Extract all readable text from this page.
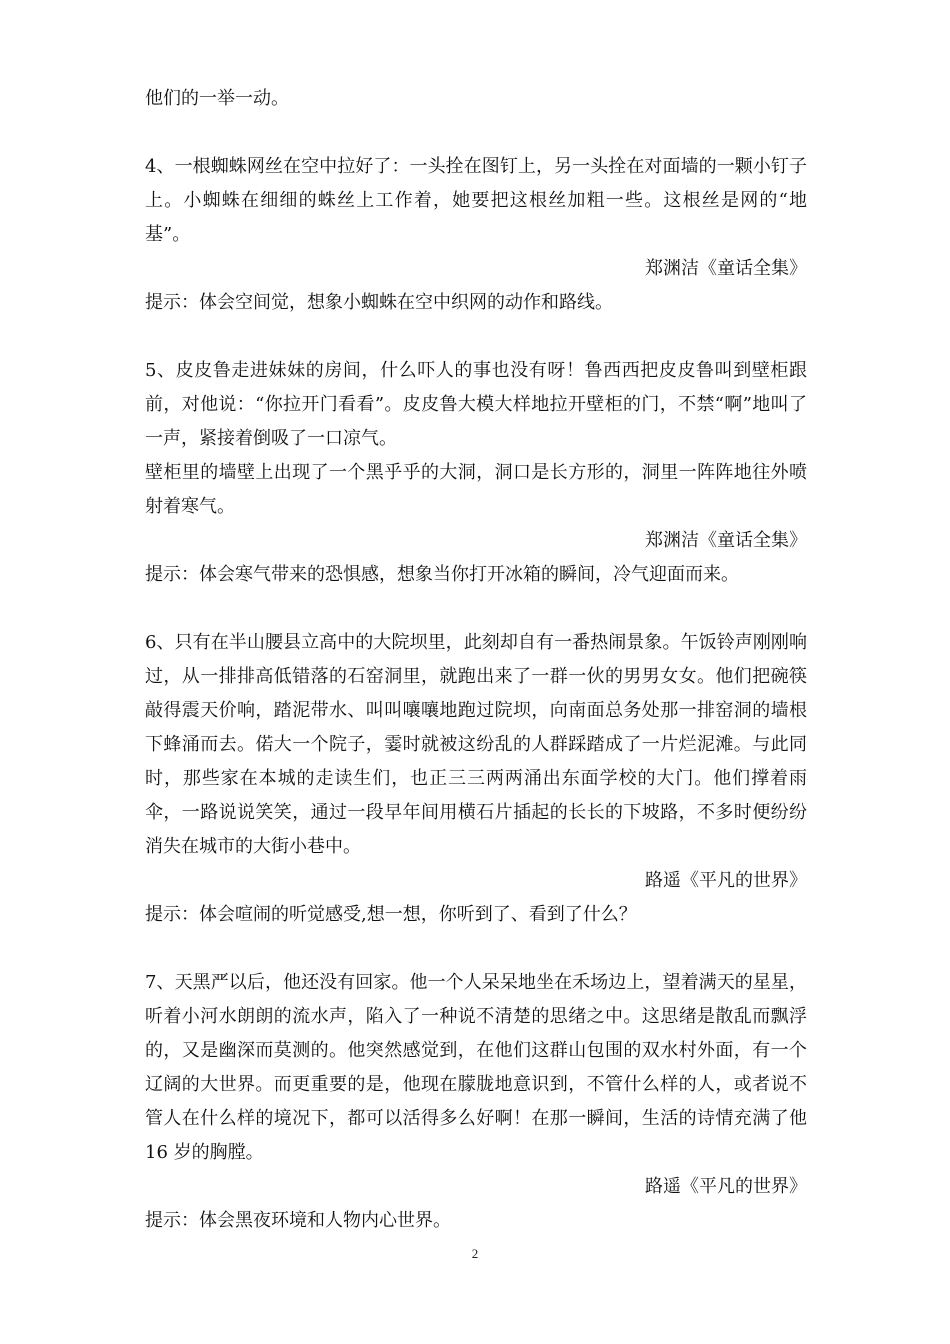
他们的一举一动。

4、一根蜘蛛网丝在空中拉好了：一头拴在图钉上，另一头拴在对面墙的一颗小钉子上。小蜘蛛在细细的蛛丝上工作着，她要把这根丝加粗一些。这根丝是网的“地基”。

郑渊洁《童话全集》

提示：体会空间觉，想象小蜘蛛在空中织网的动作和路线。

5、皮皮鲁走进妹妹的房间，什么吓人的事也没有呀！鲁西西把皮皮鲁叫到壁柜跟前，对他说：“你拉开门看看”。皮皮鲁大模大样地拉开壁柜的门，不禁“啊”地叫了一声，紧接着倒吸了一口凉气。

壁柜里的墙壁上出现了一个黑乎乎的大洞，洞口是长方形的，洞里一阵阵地往外喷射着寒气。

郑渊洁《童话全集》

提示：体会寒气带来的恐惧感，想象当你打开冰箱的瞬间，冷气迎面而来。

6、只有在半山腰县立高中的大院坝里，此刻却自有一番热闹景象。午饭铃声刚刚响过，从一排排高低错落的石窑洞里，就跑出来了一群一伙的男男女女。他们把碗筷敲得震天价响，踏泥带水、叫叫嚷嚷地跑过院坝，向南面总务处那一排窑洞的墙根下蜂涌而去。偌大一个院子，霎时就被这纷乱的人群踩踏成了一片烂泥滩。与此同时，那些家在本城的走读生们，也正三三两两涌出东面学校的大门。他们撑着雨伞，一路说说笑笑，通过一段早年间用横石片插起的长长的下坡路，不多时便纷纷消失在城市的大街小巷中。

路遥《平凡的世界》

提示：体会喧闹的听觉感受,想一想，你听到了、看到了什么？

7、天黑严以后，他还没有回家。他一个人呆呆地坐在禾场边上，望着满天的星星，听着小河水朗朗的流水声，陷入了一种说不清楚的思绪之中。这思绪是散乱而飘浮的，又是幽深而莫测的。他突然感觉到，在他们这群山包围的双水村外面，有一个辽阔的大世界。而更重要的是，他现在朦胧地意识到，不管什么样的人，或者说不管人在什么样的境况下，都可以活得多么好啊！在那一瞬间，生活的诗情充满了他 16 岁的胸膛。

路遥《平凡的世界》

提示：体会黑夜环境和人物内心世界。

2
